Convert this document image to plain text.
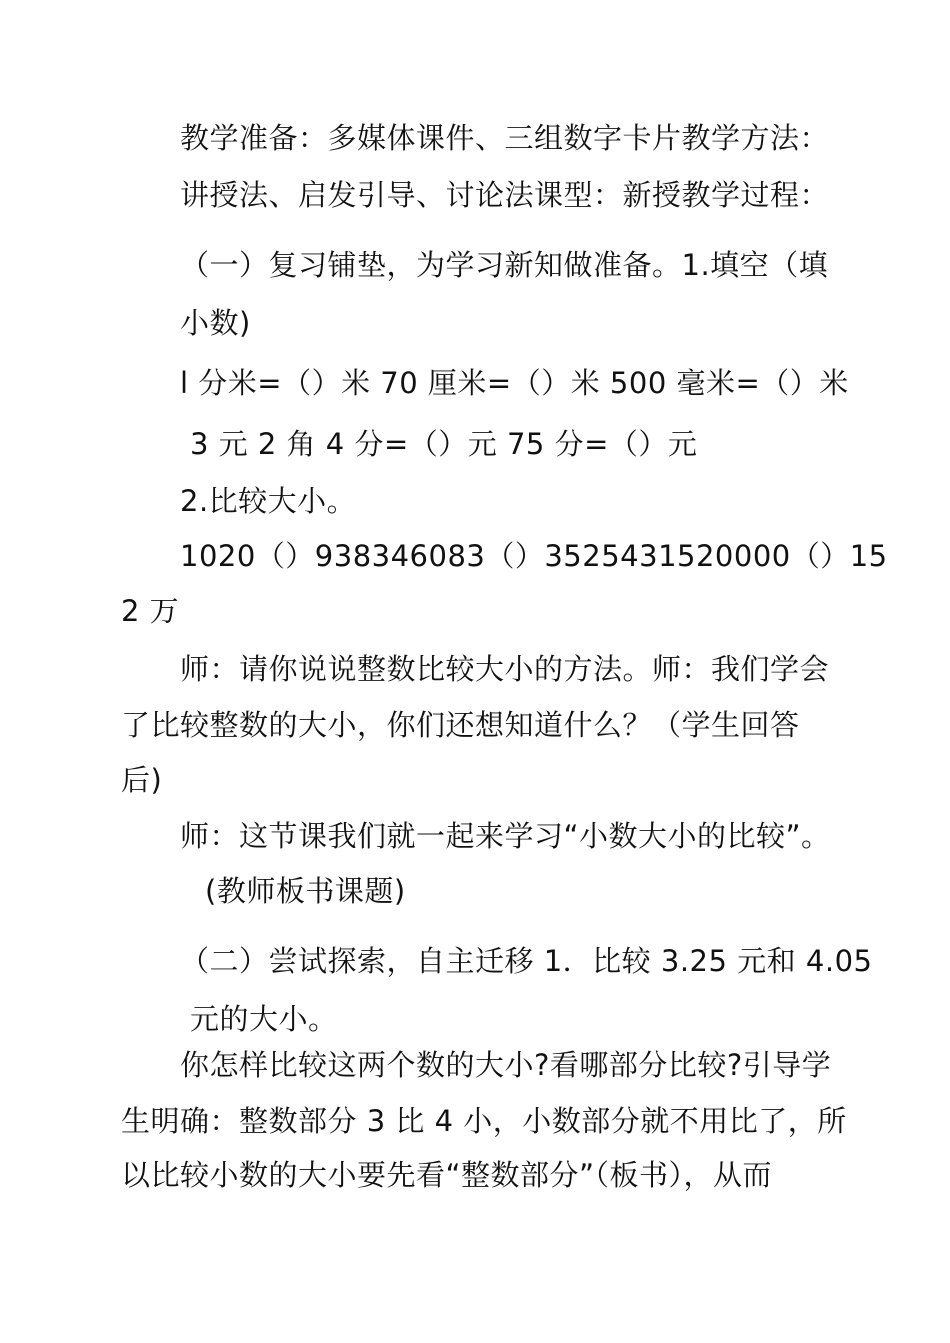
教学准备：多媒体课件、三组数字卡片教学方法：
讲授法、启发引导、讨论法课型：新授教学过程：
（一）复习铺垫，为学习新知做准备。1.填空（填
小数)
l 分米=（）米 70 厘米=（）米 500 毫米=（）米
3 元 2 角 4 分=（）元 75 分=（）元
2.比较大小。
1020（）938346083（）3525431520000（）15
2 万
师：请你说说整数比较大小的方法。师：我们学会
了比较整数的大小，你们还想知道什么？（学生回答
后)
师：这节课我们就一起来学习“小数大小的比较”。
(教师板书课题)
（二）尝试探索，自主迁移 1．比较 3.25 元和 4.05
元的大小。
你怎样比较这两个数的大小?看哪部分比较?引导学
生明确：整数部分 3 比 4 小，小数部分就不用比了，所
以比较小数的大小要先看“整数部分”（板书），从而
